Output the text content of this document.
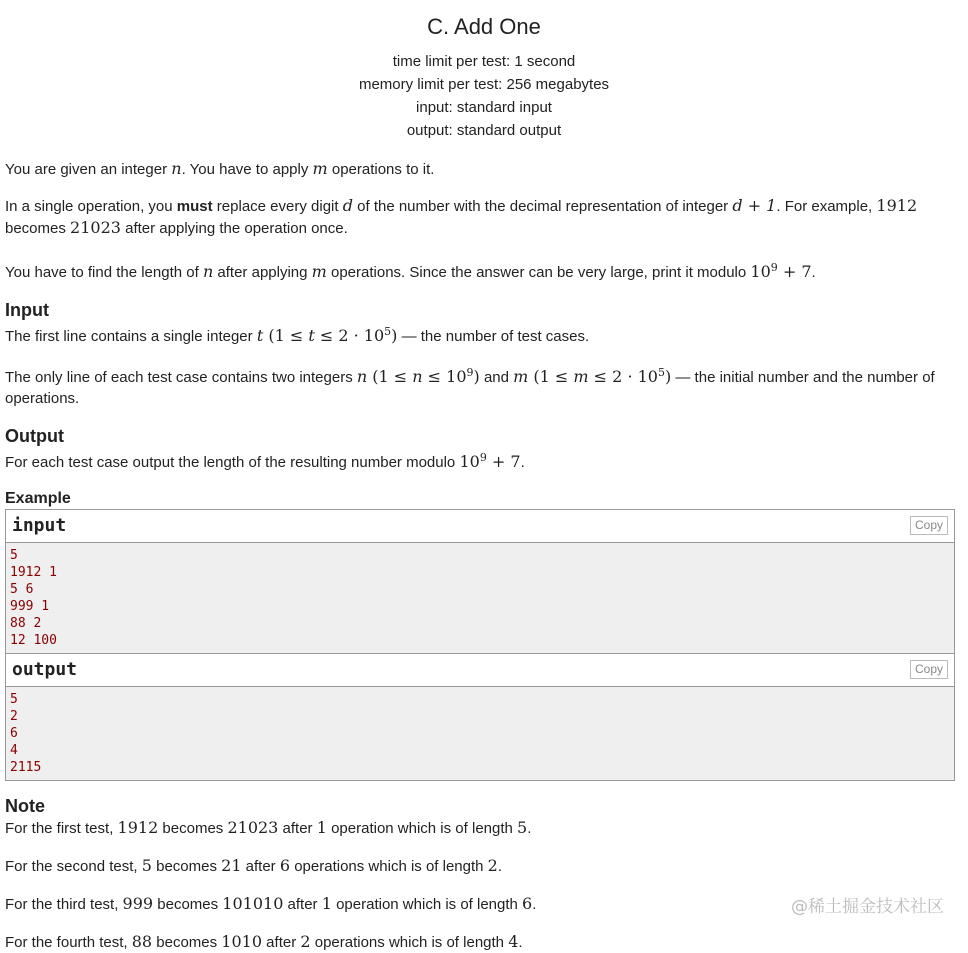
C. Add One
time limit per test: 1 second
memory limit per test: 256 megabytes
input: standard input
output: standard output

You are given an integer n. You have to apply m operations to it.

In a single operation, you must replace every digit d of the number with the decimal representation of integer d + 1. For example, 1912 becomes 21023 after applying the operation once.

You have to find the length of n after applying m operations. Since the answer can be very large, print it modulo $10^9 + 7$.

Input

The first line contains a single integer t $(1 \le t \le 2 \cdot 10^5)$ — the number of test cases.

The only line of each test case contains two integers n $(1 \le n \le 10^9)$ and m $(1 \le m \le 2 \cdot 10^5)$ — the initial number and the number of operations.

Output

For each test case output the length of the resulting number modulo $10^9 + 7$.

Example
input	Copy
5
1912 1
5 6
999 1
88 2
12 100
output	Copy
5
2
6
4
2115
Note

For the first test, 1912 becomes 21023 after 1 operation which is of length 5.

For the second test, 5 becomes 21 after 6 operations which is of length 2.

For the third test, 999 becomes 101010 after 1 operation which is of length 6.

For the fourth test, 88 becomes 1010 after 2 operations which is of length 4.

@稀土掘金技术社区
